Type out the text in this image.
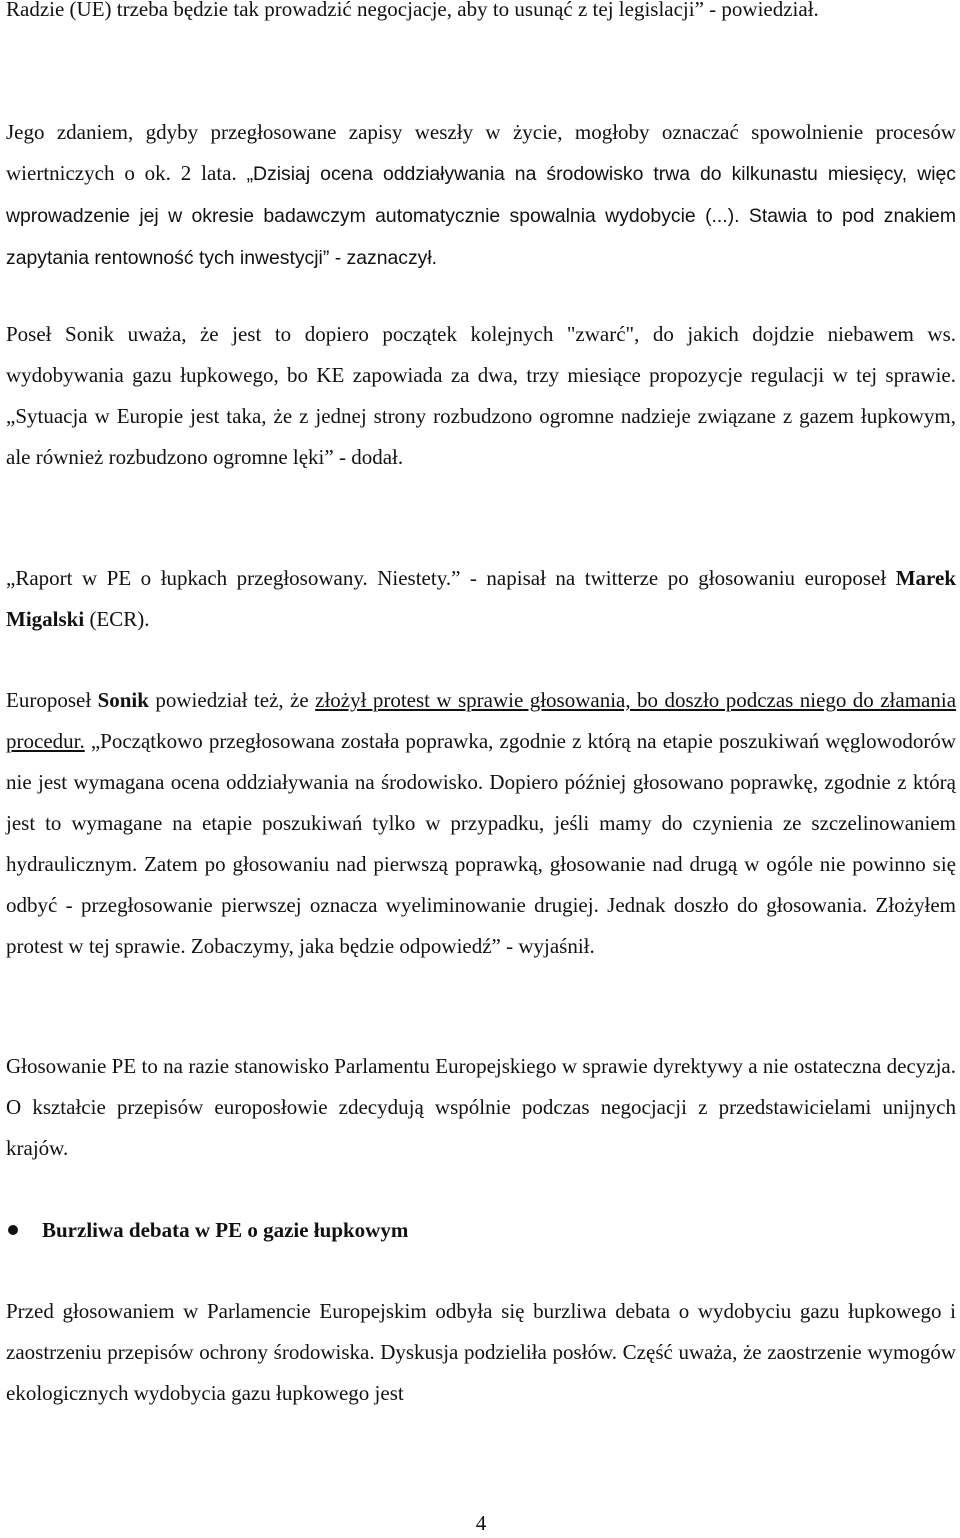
Radzie (UE) trzeba będzie tak prowadzić negocjacje, aby to usunąć z tej legislacji” - powiedział.

Jego zdaniem, gdyby przegłosowane zapisy weszły w życie, mogłoby oznaczać spowolnienie procesów wiertniczych o ok. 2 lata. „Dzisiaj ocena oddziaływania na środowisko trwa do kilkunastu miesięcy, więc wprowadzenie jej w okresie badawczym automatycznie spowalnia wydobycie (...). Stawia to pod znakiem zapytania rentowność tych inwestycji” - zaznaczył.

Poseł Sonik uważa, że jest to dopiero początek kolejnych "zwarć", do jakich dojdzie niebawem ws. wydobywania gazu łupkowego, bo KE zapowiada za dwa, trzy miesiące propozycje regulacji w tej sprawie. „Sytuacja w Europie jest taka, że z jednej strony rozbudzono ogromne nadzieje związane z gazem łupkowym, ale również rozbudzono ogromne lęki” - dodał.

„Raport w PE o łupkach przegłosowany. Niestety.” - napisał na twitterze po głosowaniu europoseł Marek Migalski (ECR).

Europoseł Sonik powiedział też, że złożył protest w sprawie głosowania, bo doszło podczas niego do złamania procedur. „Początkowo przegłosowana została poprawka, zgodnie z którą na etapie poszukiwań węglowodorów nie jest wymagana ocena oddziaływania na środowisko. Dopiero później głosowano poprawkę, zgodnie z którą jest to wymagane na etapie poszukiwań tylko w przypadku, jeśli mamy do czynienia ze szczelinowaniem hydraulicznym. Zatem po głosowaniu nad pierwszą poprawką, głosowanie nad drugą w ogóle nie powinno się odbyć - przegłosowanie pierwszej oznacza wyeliminowanie drugiej. Jednak doszło do głosowania. Złożyłem protest w tej sprawie. Zobaczymy, jaka będzie odpowiedź” - wyjaśnił.

Głosowanie PE to na razie stanowisko Parlamentu Europejskiego w sprawie dyrektywy a nie ostateczna decyzja. O kształcie przepisów europosłowie zdecydują wspólnie podczas negocjacji z przedstawicielami unijnych krajów.

Burzliwa debata w PE o gazie łupkowym

Przed głosowaniem w Parlamencie Europejskim odbyła się burzliwa debata o wydobyciu gazu łupkowego i zaostrzeniu przepisów ochrony środowiska. Dyskusja podzieliła posłów. Część uważa, że zaostrzenie wymogów ekologicznych wydobycia gazu łupkowego jest

4
